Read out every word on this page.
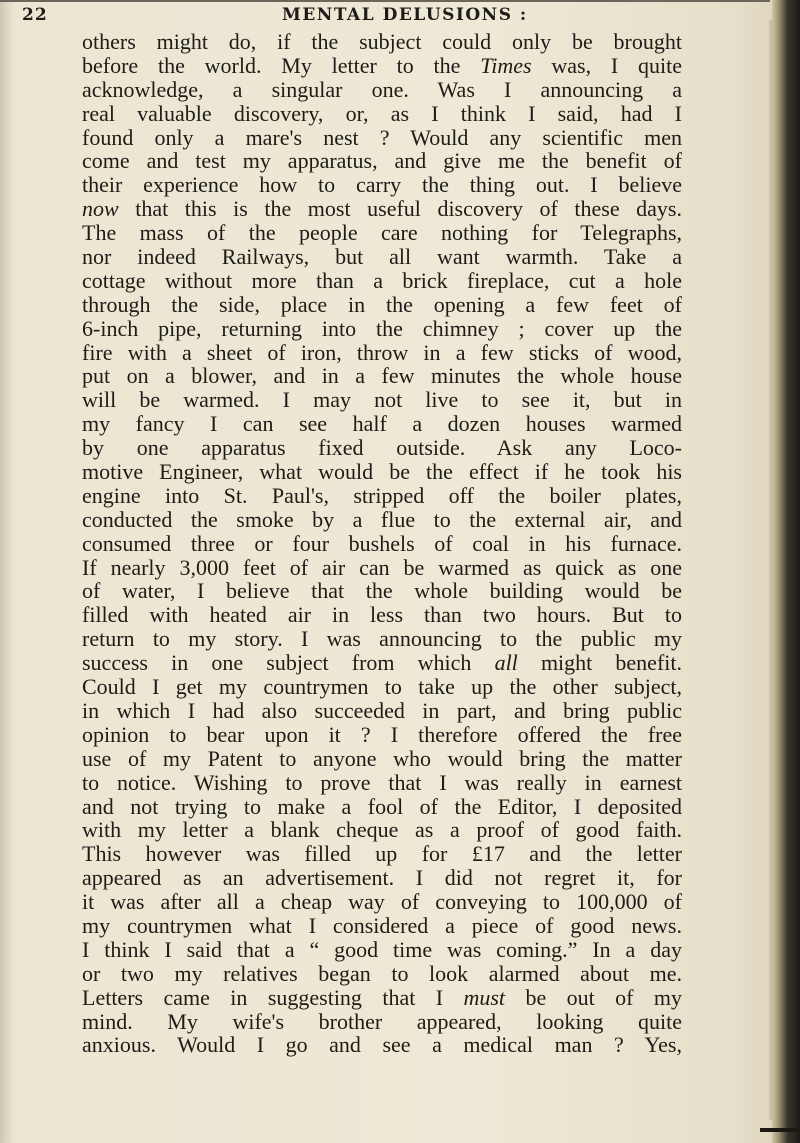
22	MENTAL DELUSIONS :
others might do, if the subject could only be brought
before the world. My letter to the Times was, I quite
acknowledge, a singular one. Was I announcing a
real valuable discovery, or, as I think I said, had I
found only a mare's nest ? Would any scientific men
come and test my apparatus, and give me the benefit of
their experience how to carry the thing out. I believe
now that this is the most useful discovery of these days.
The mass of the people care nothing for Telegraphs,
nor indeed Railways, but all want warmth. Take a
cottage without more than a brick fireplace, cut a hole
through the side, place in the opening a few feet of
6-inch pipe, returning into the chimney ; cover up the
fire with a sheet of iron, throw in a few sticks of wood,
put on a blower, and in a few minutes the whole house
will be warmed. I may not live to see it, but in
my fancy I can see half a dozen houses warmed
by one apparatus fixed outside. Ask any Loco-
motive Engineer, what would be the effect if he took his
engine into St. Paul's, stripped off the boiler plates,
conducted the smoke by a flue to the external air, and
consumed three or four bushels of coal in his furnace.
If nearly 3,000 feet of air can be warmed as quick as one
of water, I believe that the whole building would be
filled with heated air in less than two hours. But to
return to my story. I was announcing to the public my
success in one subject from which all might benefit.
Could I get my countrymen to take up the other subject,
in which I had also succeeded in part, and bring public
opinion to bear upon it ? I therefore offered the free
use of my Patent to anyone who would bring the matter
to notice. Wishing to prove that I was really in earnest
and not trying to make a fool of the Editor, I deposited
with my letter a blank cheque as a proof of good faith.
This however was filled up for £17 and the letter
appeared as an advertisement. I did not regret it, for
it was after all a cheap way of conveying to 100,000 of
my countrymen what I considered a piece of good news.
I think I said that a “ good time was coming.” In a day
or two my relatives began to look alarmed about me.
Letters came in suggesting that I must be out of my
mind. My wife's brother appeared, looking quite
anxious. Would I go and see a medical man ? Yes,
